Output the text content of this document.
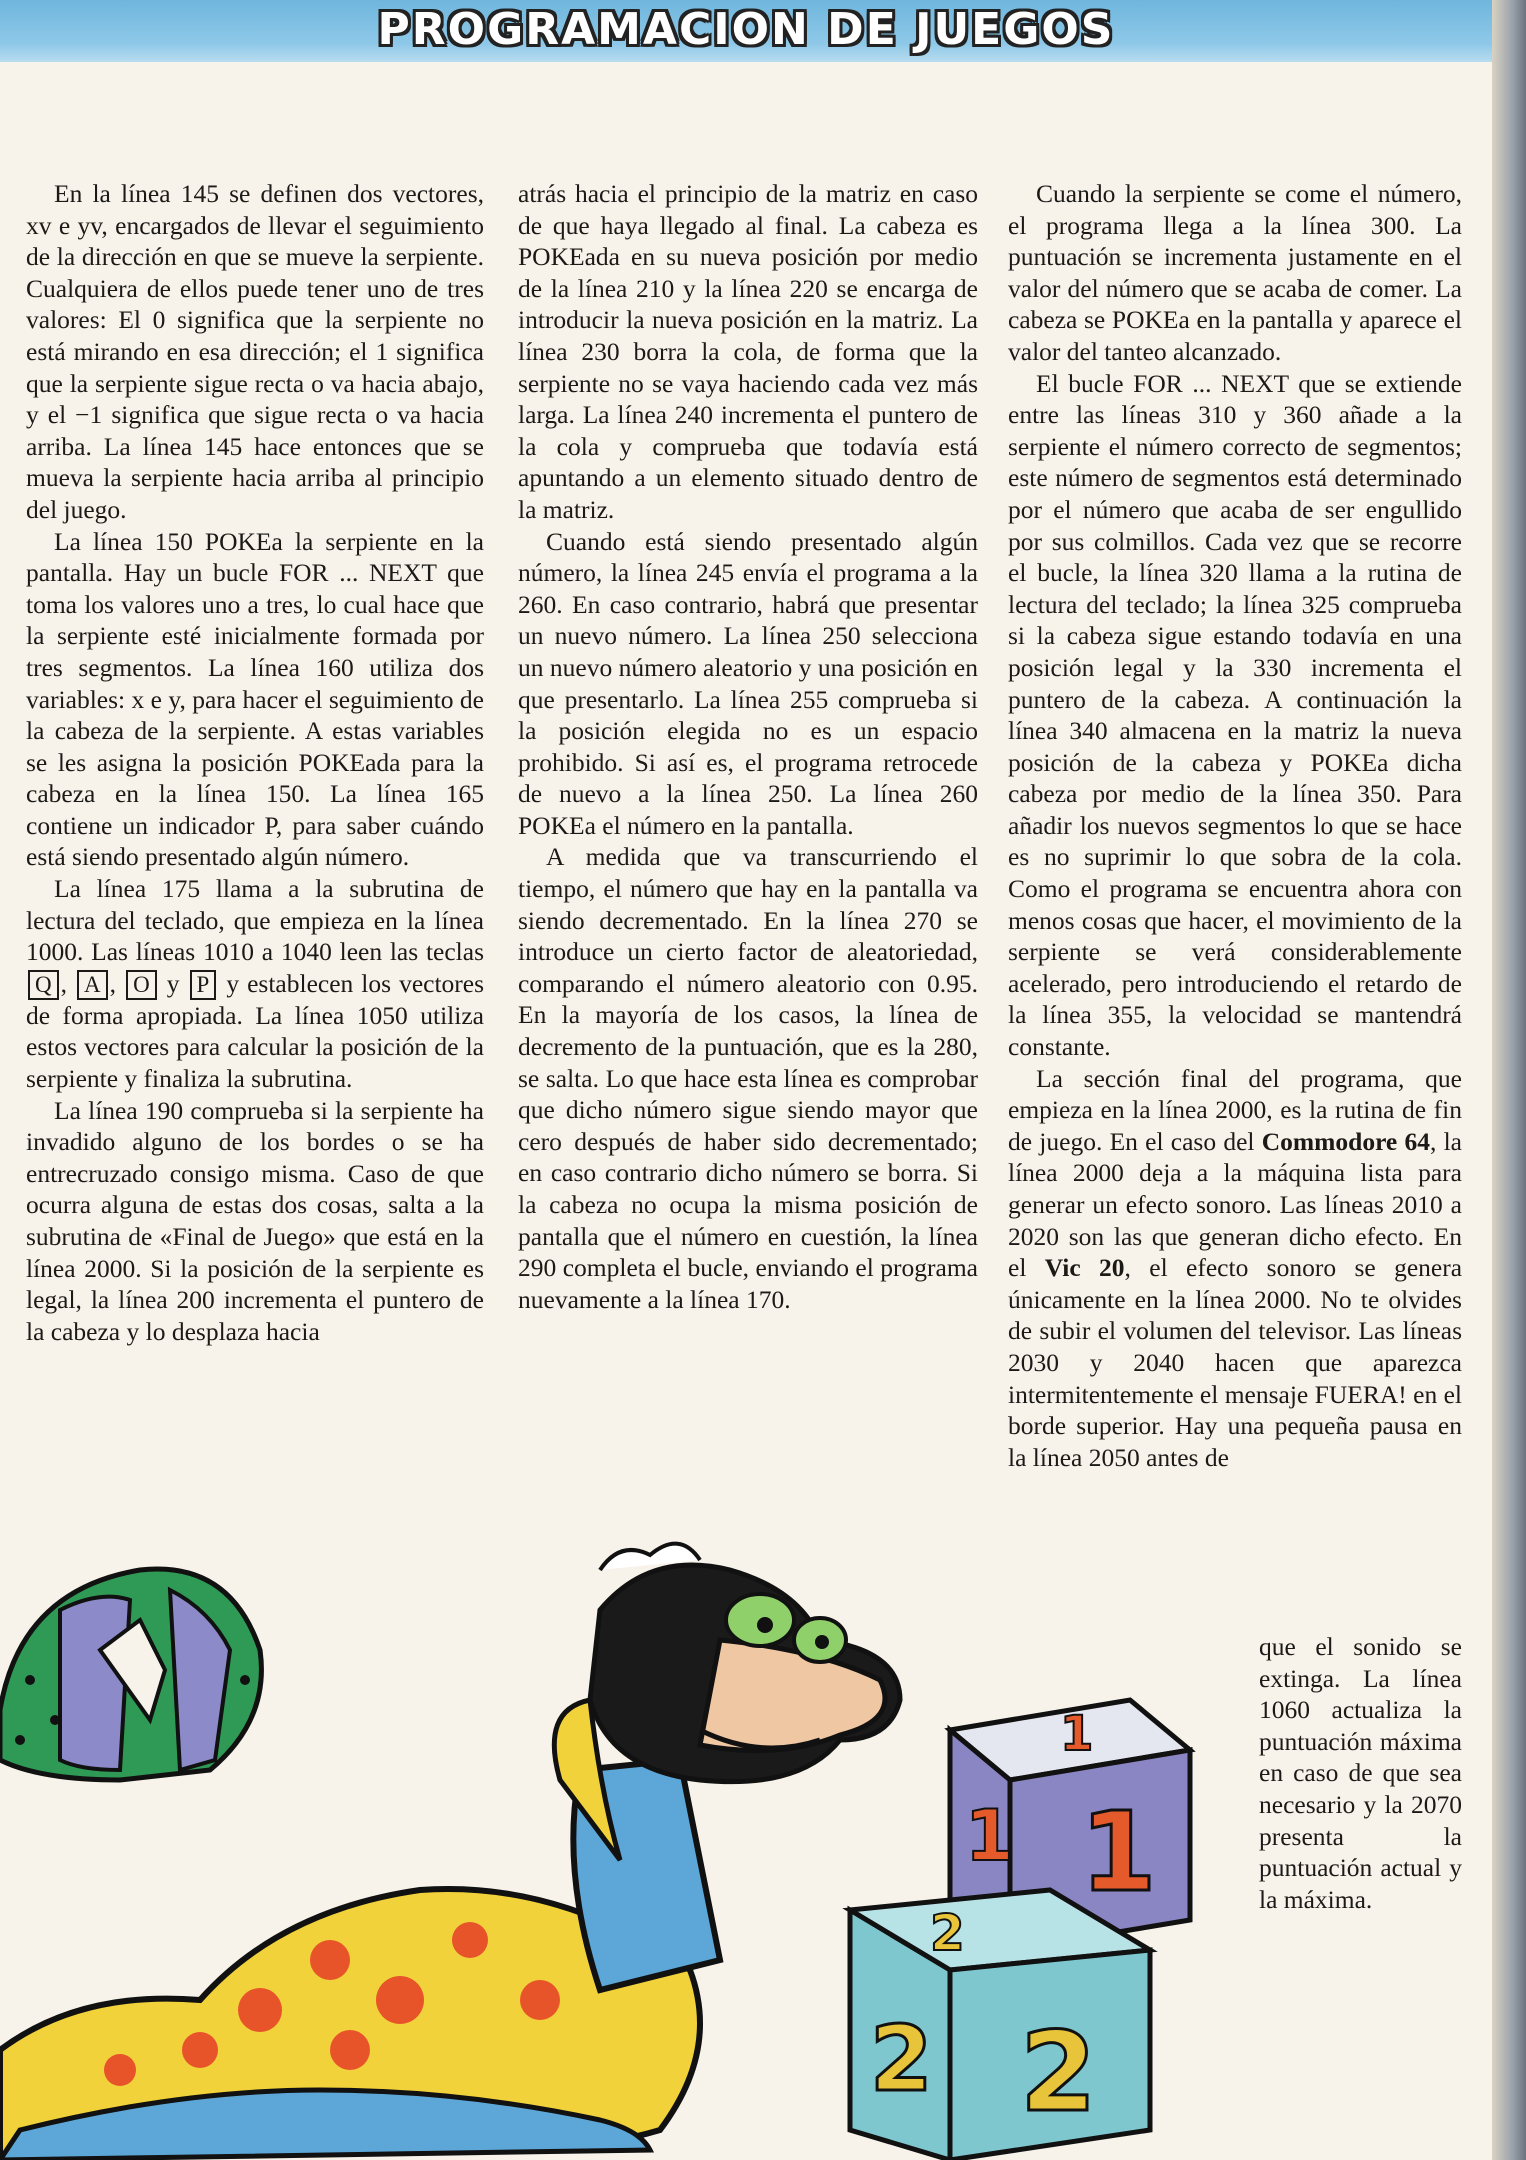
PROGRAMACION DE JUEGOS

En la línea 145 se definen dos vectores, xv e yv, encargados de llevar el seguimiento de la dirección en que se mueve la serpiente. Cualquiera de ellos puede tener uno de tres valores: El 0 significa que la serpiente no está mirando en esa dirección; el 1 significa que la serpiente sigue recta o va hacia abajo, y el −1 significa que sigue recta o va hacia arriba. La línea 145 hace entonces que se mueva la serpiente hacia arriba al principio del juego.

La línea 150 POKEa la serpiente en la pantalla. Hay un bucle FOR ... NEXT que toma los valores uno a tres, lo cual hace que la serpiente esté inicialmente formada por tres segmentos. La línea 160 utiliza dos variables: x e y, para hacer el seguimiento de la cabeza de la serpiente. A estas variables se les asigna la posición POKEada para la cabeza en la línea 150. La línea 165 contiene un indicador P, para saber cuándo está siendo presentado algún número.

La línea 175 llama a la subrutina de lectura del teclado, que empieza en la línea 1000. Las líneas 1010 a 1040 leen las teclas Q , A , O y P y establecen los vectores de forma apropiada. La línea 1050 utiliza estos vectores para calcular la posición de la serpiente y finaliza la subrutina.

La línea 190 comprueba si la serpiente ha invadido alguno de los bordes o se ha entrecruzado consigo misma. Caso de que ocurra alguna de estas dos cosas, salta a la subrutina de «Final de Juego» que está en la línea 2000. Si la posición de la serpiente es legal, la línea 200 incrementa el puntero de la cabeza y lo desplaza hacia

atrás hacia el principio de la matriz en caso de que haya llegado al final. La cabeza es POKEada en su nueva posición por medio de la línea 210 y la línea 220 se encarga de introducir la nueva posición en la matriz. La línea 230 borra la cola, de forma que la serpiente no se vaya haciendo cada vez más larga. La línea 240 incrementa el puntero de la cola y comprueba que todavía está apuntando a un elemento situado dentro de la matriz.

Cuando está siendo presentado algún número, la línea 245 envía el programa a la 260. En caso contrario, habrá que presentar un nuevo número. La línea 250 selecciona un nuevo número aleatorio y una posición en que presentarlo. La línea 255 comprueba si la posición elegida no es un espacio prohibido. Si así es, el programa retrocede de nuevo a la línea 250. La línea 260 POKEa el número en la pantalla.

A medida que va transcurriendo el tiempo, el número que hay en la pantalla va siendo decrementado. En la línea 270 se introduce un cierto factor de aleatoriedad, comparando el número aleatorio con 0.95. En la mayoría de los casos, la línea de decremento de la puntuación, que es la 280, se salta. Lo que hace esta línea es comprobar que dicho número sigue siendo mayor que cero después de haber sido decrementado; en caso contrario dicho número se borra. Si la cabeza no ocupa la misma posición de pantalla que el número en cuestión, la línea 290 completa el bucle, enviando el programa nuevamente a la línea 170.

Cuando la serpiente se come el número, el programa llega a la línea 300. La puntuación se incrementa justamente en el valor del número que se acaba de comer. La cabeza se POKEa en la pantalla y aparece el valor del tanteo alcanzado.

El bucle FOR ... NEXT que se extiende entre las líneas 310 y 360 añade a la serpiente el número correcto de segmentos; este número de segmentos está determinado por el número que acaba de ser engullido por sus colmillos. Cada vez que se recorre el bucle, la línea 320 llama a la rutina de lectura del teclado; la línea 325 comprueba si la cabeza sigue estando todavía en una posición legal y la 330 incrementa el puntero de la cabeza. A continuación la línea 340 almacena en la matriz la nueva posición de la cabeza y POKEa dicha cabeza por medio de la línea 350. Para añadir los nuevos segmentos lo que se hace es no suprimir lo que sobra de la cola. Como el programa se encuentra ahora con menos cosas que hacer, el movimiento de la serpiente se verá considerablemente acelerado, pero introduciendo el retardo de la línea 355, la velocidad se mantendrá constante.

La sección final del programa, que empieza en la línea 2000, es la rutina de fin de juego. En el caso del Commodore 64, la línea 2000 deja a la máquina lista para generar un efecto sonoro. Las líneas 2010 a 2020 son las que generan dicho efecto. En el Vic 20, el efecto sonoro se genera únicamente en la línea 2000. No te olvides de subir el volumen del televisor. Las líneas 2030 y 2040 hacen que aparezca intermitentemente el mensaje FUERA! en el borde superior. Hay una pequeña pausa en la línea 2050 antes de

que el sonido se extinga. La línea 1060 actualiza la puntuación máxima en caso de que sea necesario y la 2070 presenta la puntuación actual y la máxima.

1
1 1
2
2 2
